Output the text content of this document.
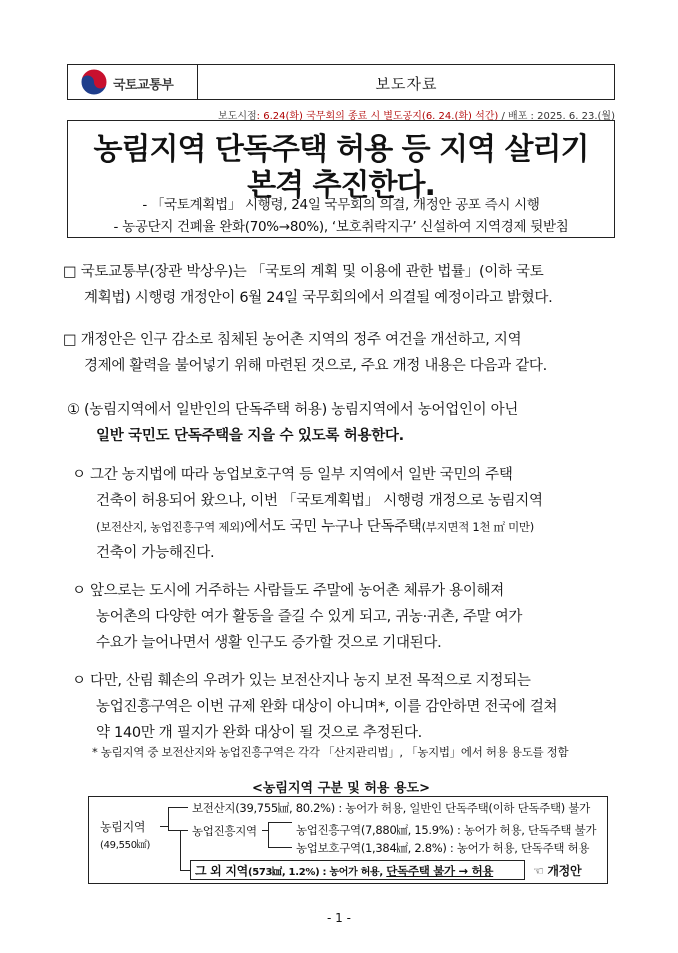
국토교통부	보도자료
보도시점: 6.24(화) 국무회의 종료 시 별도공지(6. 24.(화) 석간) / 배포 : 2025. 6. 23.(월)
농림지역 단독주택 허용 등 지역 살리기
본격 추진한다.
- 「국토계획법」 시행령, 24일 국무회의 의결, 개정안 공포 즉시 시행
- 농공단지 건폐율 완화(70%→80%), ‘보호취락지구’ 신설하여 지역경제 뒷받침
□ 국토교통부(장관 박상우)는 「국토의 계획 및 이용에 관한 법률」(이하 국토
계획법) 시행령 개정안이 6월 24일 국무회의에서 의결될 예정이라고 밝혔다.
□ 개정안은 인구 감소로 침체된 농어촌 지역의 정주 여건을 개선하고, 지역
경제에 활력을 불어넣기 위해 마련된 것으로, 주요 개정 내용은 다음과 같다.
① (농림지역에서 일반인의 단독주택 허용) 농림지역에서 농어업인이 아닌
일반 국민도 단독주택을 지을 수 있도록 허용한다.
ㅇ 그간 농지법에 따라 농업보호구역 등 일부 지역에서 일반 국민의 주택
건축이 허용되어 왔으나, 이번 「국토계획법」 시행령 개정으로 농림지역
(보전산지, 농업진흥구역 제외)에서도 국민 누구나 단독주택(부지면적 1천 ㎡ 미만)
건축이 가능해진다.
ㅇ 앞으로는 도시에 거주하는 사람들도 주말에 농어촌 체류가 용이해져
농어촌의 다양한 여가 활동을 즐길 수 있게 되고, 귀농·귀촌, 주말 여가
수요가 늘어나면서 생활 인구도 증가할 것으로 기대된다.
ㅇ 다만, 산림 훼손의 우려가 있는 보전산지나 농지 보전 목적으로 지정되는
농업진흥구역은 이번 규제 완화 대상이 아니며*, 이를 감안하면 전국에 걸쳐
약 140만 개 필지가 완화 대상이 될 것으로 추정된다.
* 농림지역 중 보전산지와 농업진흥구역은 각각 「산지관리법」, 「농지법」에서 허용 용도를 정함
<농림지역 구분 및 허용 용도>
농림지역
(49,550㎢)
보전산지(39,755㎢, 80.2%) : 농어가 허용, 일반인 단독주택(이하 단독주택) 불가
농업진흥지역	농업진흥구역(7,880㎢, 15.9%) : 농어가 허용, 단독주택 불가
농업보호구역(1,384㎢, 2.8%) : 농어가 허용, 단독주택 허용
그 외 지역(573㎢, 1.2%) : 농어가 허용, 단독주택 불가 → 허용	☜ 개정안
- 1 -
